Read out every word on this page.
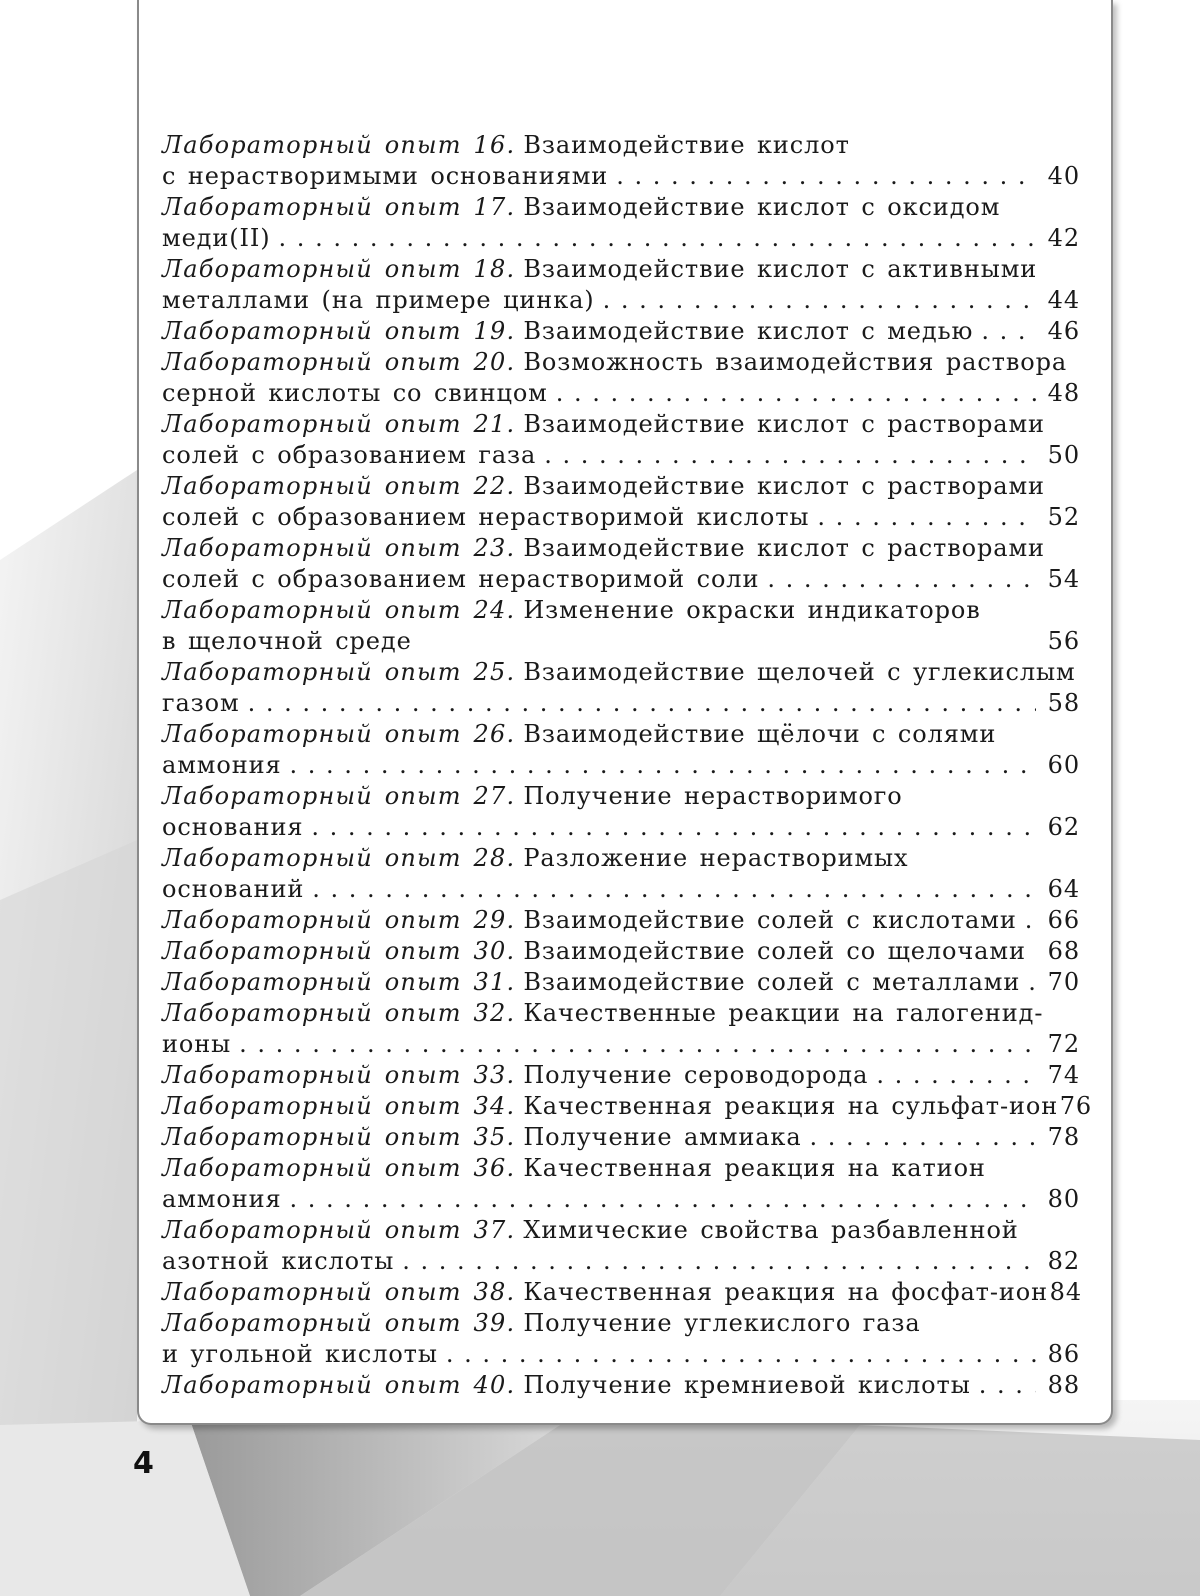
Лабораторный опыт 16. Взаимодействие кислот
с нерастворимыми основаниями . . .	40
Лабораторный опыт 17. Взаимодействие кислот с оксидом
меди(II) . . .	42
Лабораторный опыт 18. Взаимодействие кислот с активными
металлами (на примере цинка) . . .	44
Лабораторный опыт 19. Взаимодействие кислот с медью . . .	46
Лабораторный опыт 20. Возможность взаимодействия раствора
серной кислоты со свинцом . . .	48
Лабораторный опыт 21. Взаимодействие кислот с растворами
солей с образованием газа . . .	50
Лабораторный опыт 22. Взаимодействие кислот с растворами
солей с образованием нерастворимой кислоты . . .	52
Лабораторный опыт 23. Взаимодействие кислот с растворами
солей с образованием нерастворимой соли . . .	54
Лабораторный опыт 24. Изменение окраски индикаторов
в щелочной среде	56
Лабораторный опыт 25. Взаимодействие щелочей с углекислым
газом . . .	58
Лабораторный опыт 26. Взаимодействие щёлочи с солями
аммония . . .	60
Лабораторный опыт 27. Получение нерастворимого
основания . . .	62
Лабораторный опыт 28. Разложение нерастворимых
оснований . . .	64
Лабораторный опыт 29. Взаимодействие солей с кислотами . . . 66
Лабораторный опыт 30. Взаимодействие солей со щелочами 68
Лабораторный опыт 31. Взаимодействие солей с металлами . . . 70
Лабораторный опыт 32. Качественные реакции на галогенид-
ионы . . .	72
Лабораторный опыт 33. Получение сероводорода . . .	74
Лабораторный опыт 34. Качественная реакция на сульфат-ион 76
Лабораторный опыт 35. Получение аммиака . . .	78
Лабораторный опыт 36. Качественная реакция на катион
аммония . . .	80
Лабораторный опыт 37. Химические свойства разбавленной
азотной кислоты . . .	82
Лабораторный опыт 38. Качественная реакция на фосфат-ион 84
Лабораторный опыт 39. Получение углекислого газа
и угольной кислоты . . .	86
Лабораторный опыт 40. Получение кремниевой кислоты . . .	88
4
